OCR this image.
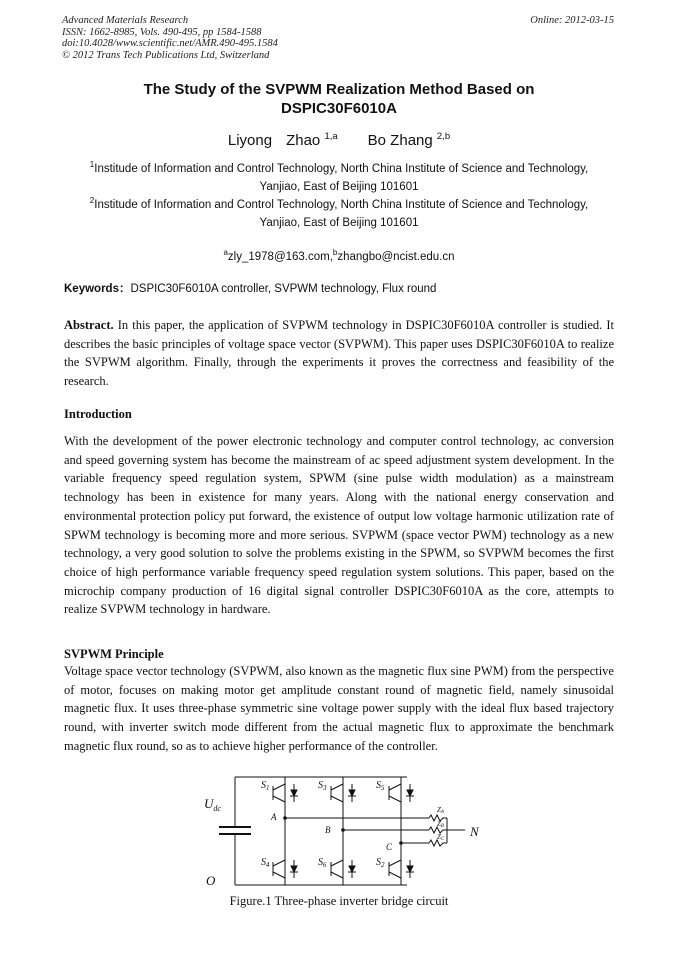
Advanced Materials Research
ISSN: 1662-8985, Vols. 490-495, pp 1584-1588
doi:10.4028/www.scientific.net/AMR.490-495.1584
© 2012 Trans Tech Publications Ltd, Switzerland
Online: 2012-03-15
The Study of the SVPWM Realization Method Based on
DSPIC30F6010A
Liyong Zhao $^{1,a}$ Bo Zhang $^{2,b}$
$^1$Institude of Information and Control Technology, North China Institute of Science and Technology,
Yanjiao, East of Beijing 101601
$^2$Institude of Information and Control Technology, North China Institute of Science and Technology,
Yanjiao, East of Beijing 101601
$^a$zly_1978@163.com,$^b$zhangbo@ncist.edu.cn
Keywords：DSPIC30F6010A controller, SVPWM technology, Flux round
Abstract. In this paper, the application of SVPWM technology in DSPIC30F6010A controller is studied. It describes the basic principles of voltage space vector (SVPWM). This paper uses DSPIC30F6010A to realize the SVPWM algorithm. Finally, through the experiments it proves the correctness and feasibility of the research.
Introduction
With the development of the power electronic technology and computer control technology, ac conversion and speed governing system has become the mainstream of ac speed adjustment system development. In the variable frequency speed regulation system, SPWM (sine pulse width modulation) as a mainstream technology has been in existence for many years. Along with the national energy conservation and environmental protection policy put forward, the existence of output low voltage harmonic utilization rate of SPWM technology is becoming more and more serious. SVPWM (space vector PWM) technology as a new technology, a very good solution to solve the problems existing in the SPWM, so SVPWM becomes the first choice of high performance variable frequency speed regulation system solutions. This paper, based on the microchip company production of 16 digital signal controller DSPIC30F6010A as the core, attempts to realize SVPWM technology in hardware.
SVPWM Principle
Voltage space vector technology (SVPWM, also known as the magnetic flux sine PWM) from the perspective of motor, focuses on making motor get amplitude constant round of magnetic field, namely sinusoidal magnetic flux. It uses three-phase symmetric sine voltage power supply with the ideal flux based trajectory round, with inverter switch mode different from the actual magnetic flux to approximate the benchmark magnetic flux round, so as to achieve higher performance of the controller.
$U_{dc}$
O
A
B
C
N
$S_1$	$S_3$	$S_5$
$S_4$	$S_6$	$S_2$
ZA
ZB
ZC
Figure.1 Three-phase inverter bridge circuit
